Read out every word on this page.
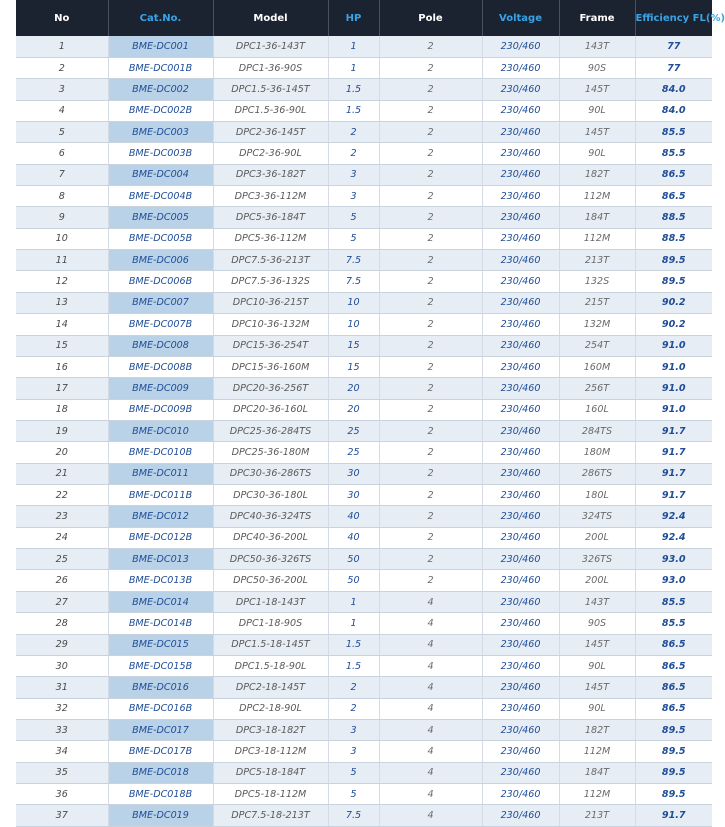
No	Cat.No.	Model	HP	Pole	Voltage	Frame	Efficiency FL(%)
1	BME-DC001	DPC1-36-143T	1	2	230/460	143T	77
2	BME-DC001B	DPC1-36-90S	1	2	230/460	90S	77
3	BME-DC002	DPC1.5-36-145T	1.5	2	230/460	145T	84.0
4	BME-DC002B	DPC1.5-36-90L	1.5	2	230/460	90L	84.0
5	BME-DC003	DPC2-36-145T	2	2	230/460	145T	85.5
6	BME-DC003B	DPC2-36-90L	2	2	230/460	90L	85.5
7	BME-DC004	DPC3-36-182T	3	2	230/460	182T	86.5
8	BME-DC004B	DPC3-36-112M	3	2	230/460	112M	86.5
9	BME-DC005	DPC5-36-184T	5	2	230/460	184T	88.5
10	BME-DC005B	DPC5-36-112M	5	2	230/460	112M	88.5
11	BME-DC006	DPC7.5-36-213T	7.5	2	230/460	213T	89.5
12	BME-DC006B	DPC7.5-36-132S	7.5	2	230/460	132S	89.5
13	BME-DC007	DPC10-36-215T	10	2	230/460	215T	90.2
14	BME-DC007B	DPC10-36-132M	10	2	230/460	132M	90.2
15	BME-DC008	DPC15-36-254T	15	2	230/460	254T	91.0
16	BME-DC008B	DPC15-36-160M	15	2	230/460	160M	91.0
17	BME-DC009	DPC20-36-256T	20	2	230/460	256T	91.0
18	BME-DC009B	DPC20-36-160L	20	2	230/460	160L	91.0
19	BME-DC010	DPC25-36-284TS	25	2	230/460	284TS	91.7
20	BME-DC010B	DPC25-36-180M	25	2	230/460	180M	91.7
21	BME-DC011	DPC30-36-286TS	30	2	230/460	286TS	91.7
22	BME-DC011B	DPC30-36-180L	30	2	230/460	180L	91.7
23	BME-DC012	DPC40-36-324TS	40	2	230/460	324TS	92.4
24	BME-DC012B	DPC40-36-200L	40	2	230/460	200L	92.4
25	BME-DC013	DPC50-36-326TS	50	2	230/460	326TS	93.0
26	BME-DC013B	DPC50-36-200L	50	2	230/460	200L	93.0
27	BME-DC014	DPC1-18-143T	1	4	230/460	143T	85.5
28	BME-DC014B	DPC1-18-90S	1	4	230/460	90S	85.5
29	BME-DC015	DPC1.5-18-145T	1.5	4	230/460	145T	86.5
30	BME-DC015B	DPC1.5-18-90L	1.5	4	230/460	90L	86.5
31	BME-DC016	DPC2-18-145T	2	4	230/460	145T	86.5
32	BME-DC016B	DPC2-18-90L	2	4	230/460	90L	86.5
33	BME-DC017	DPC3-18-182T	3	4	230/460	182T	89.5
34	BME-DC017B	DPC3-18-112M	3	4	230/460	112M	89.5
35	BME-DC018	DPC5-18-184T	5	4	230/460	184T	89.5
36	BME-DC018B	DPC5-18-112M	5	4	230/460	112M	89.5
37	BME-DC019	DPC7.5-18-213T	7.5	4	230/460	213T	91.7
